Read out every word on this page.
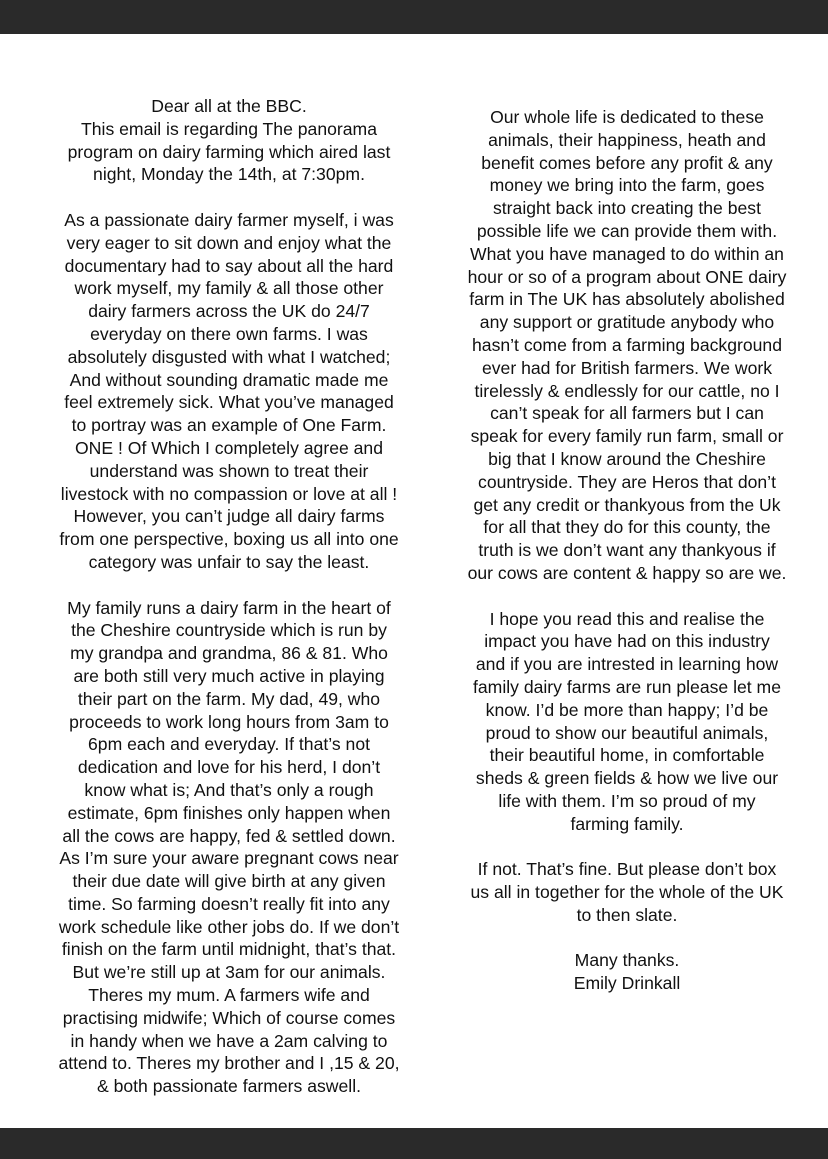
Dear all at the BBC.
This email is regarding The panorama
program on dairy farming which aired last
night, Monday the 14th, at 7:30pm.
As a passionate dairy farmer myself, i was
very eager to sit down and enjoy what the
documentary had to say about all the hard
work myself, my family & all those other
dairy farmers across the UK do 24/7
everyday on there own farms. I was
absolutely disgusted with what I watched;
And without sounding dramatic made me
feel extremely sick. What you’ve managed
to portray was an example of One Farm.
ONE ! Of Which I completely agree and
understand was shown to treat their
livestock with no compassion or love at all !
However, you can’t judge all dairy farms
from one perspective, boxing us all into one
category was unfair to say the least.
My family runs a dairy farm in the heart of
the Cheshire countryside which is run by
my grandpa and grandma, 86 & 81. Who
are both still very much active in playing
their part on the farm. My dad, 49, who
proceeds to work long hours from 3am to
6pm each and everyday. If that’s not
dedication and love for his herd, I don’t
know what is; And that’s only a rough
estimate, 6pm finishes only happen when
all the cows are happy, fed & settled down.
As I’m sure your aware pregnant cows near
their due date will give birth at any given
time. So farming doesn’t really fit into any
work schedule like other jobs do. If we don’t
finish on the farm until midnight, that’s that.
But we’re still up at 3am for our animals.
Theres my mum. A farmers wife and
practising midwife; Which of course comes
in handy when we have a 2am calving to
attend to. Theres my brother and I ,15 & 20,
& both passionate farmers aswell.
Our whole life is dedicated to these
animals, their happiness, heath and
benefit comes before any profit & any
money we bring into the farm, goes
straight back into creating the best
possible life we can provide them with.
What you have managed to do within an
hour or so of a program about ONE dairy
farm in The UK has absolutely abolished
any support or gratitude anybody who
hasn’t come from a farming background
ever had for British farmers. We work
tirelessly & endlessly for our cattle, no I
can’t speak for all farmers but I can
speak for every family run farm, small or
big that I know around the Cheshire
countryside. They are Heros that don’t
get any credit or thankyous from the Uk
for all that they do for this county, the
truth is we don’t want any thankyous if
our cows are content & happy so are we.
I hope you read this and realise the
impact you have had on this industry
and if you are intrested in learning how
family dairy farms are run please let me
know. I’d be more than happy; I’d be
proud to show our beautiful animals,
their beautiful home, in comfortable
sheds & green fields & how we live our
life with them. I’m so proud of my
farming family.
If not. That’s fine. But please don’t box
us all in together for the whole of the UK
to then slate.
Many thanks.
Emily Drinkall
